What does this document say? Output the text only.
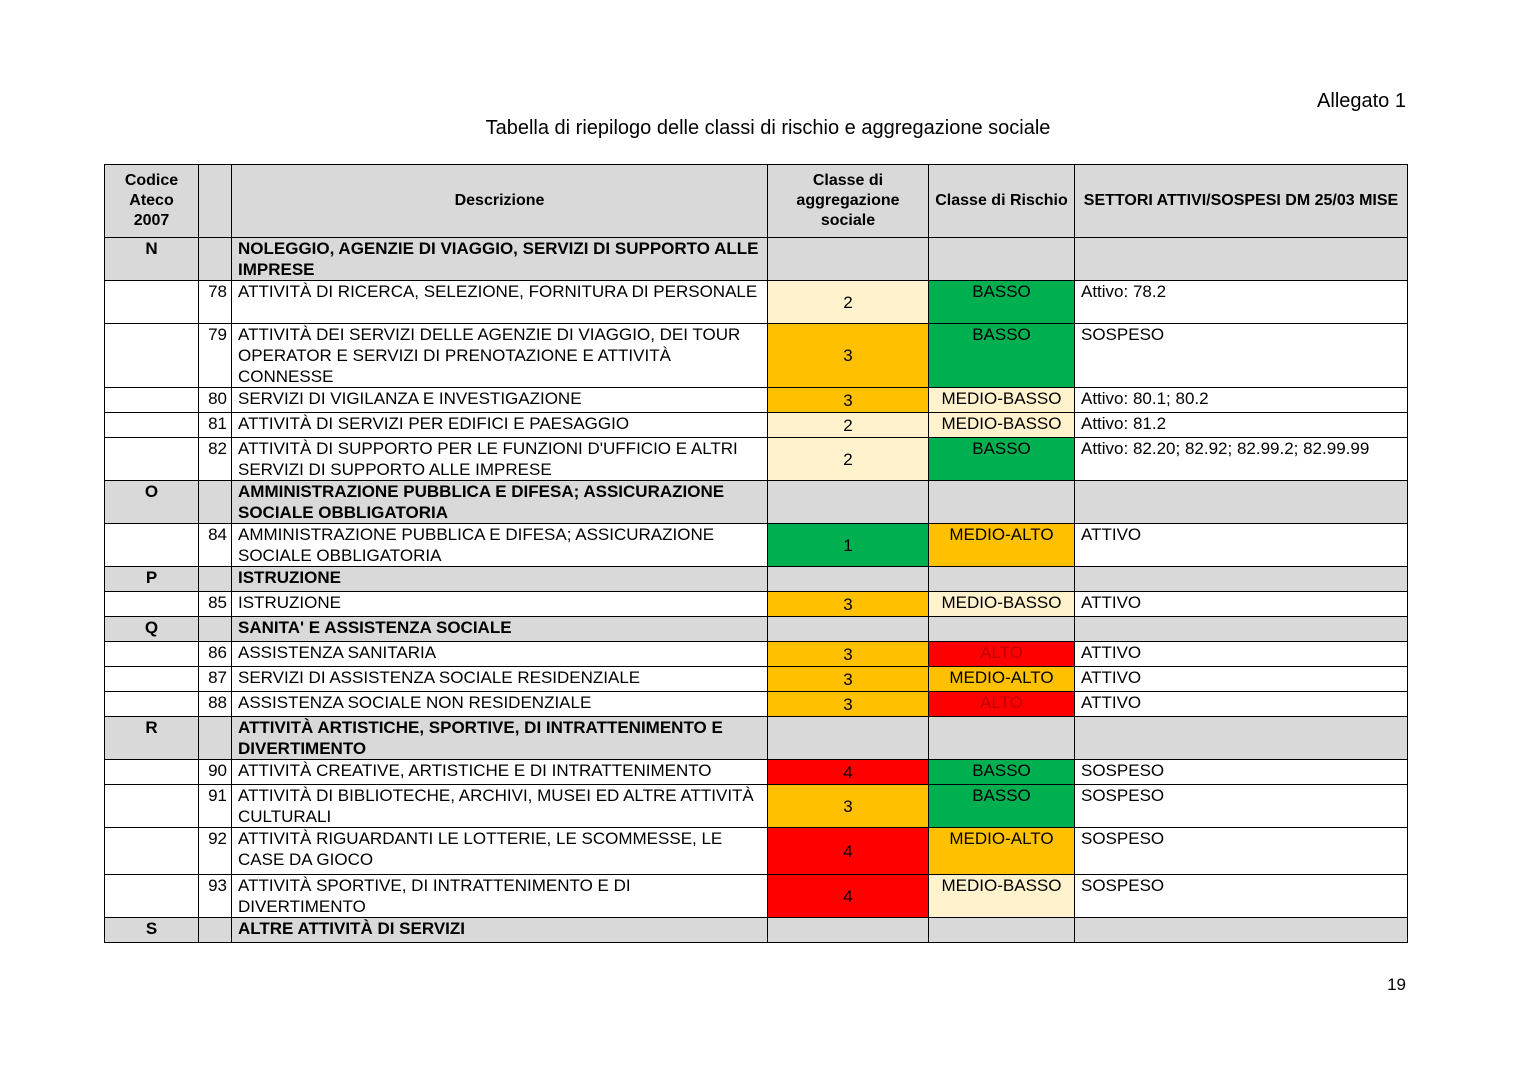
Allegato 1
Tabella di riepilogo delle classi di rischio e aggregazione sociale
Codice Ateco 2007		Descrizione	Classe di aggregazione sociale	Classe di Rischio	SETTORI ATTIVI/SOSPESI DM 25/03 MISE
N		NOLEGGIO, AGENZIE DI VIAGGIO, SERVIZI DI SUPPORTO ALLE IMPRESE			
	78	ATTIVITÀ DI RICERCA, SELEZIONE, FORNITURA DI PERSONALE	2	BASSO	Attivo: 78.2
	79	ATTIVITÀ DEI SERVIZI DELLE AGENZIE DI VIAGGIO, DEI TOUR OPERATOR E SERVIZI DI PRENOTAZIONE E ATTIVITÀ CONNESSE	3	BASSO	SOSPESO
	80	SERVIZI DI VIGILANZA E INVESTIGAZIONE	3	MEDIO-BASSO	Attivo: 80.1; 80.2
	81	ATTIVITÀ DI SERVIZI PER EDIFICI E PAESAGGIO	2	MEDIO-BASSO	Attivo: 81.2
	82	ATTIVITÀ DI SUPPORTO PER LE FUNZIONI D'UFFICIO E ALTRI SERVIZI DI SUPPORTO ALLE IMPRESE	2	BASSO	Attivo: 82.20; 82.92; 82.99.2; 82.99.99
O		AMMINISTRAZIONE PUBBLICA E DIFESA; ASSICURAZIONE SOCIALE OBBLIGATORIA			
	84	AMMINISTRAZIONE PUBBLICA E DIFESA; ASSICURAZIONE SOCIALE OBBLIGATORIA	1	MEDIO-ALTO	ATTIVO
P		ISTRUZIONE			
	85	ISTRUZIONE	3	MEDIO-BASSO	ATTIVO
Q		SANITA' E ASSISTENZA SOCIALE			
	86	ASSISTENZA SANITARIA	3	ALTO	ATTIVO
	87	SERVIZI DI ASSISTENZA SOCIALE RESIDENZIALE	3	MEDIO-ALTO	ATTIVO
	88	ASSISTENZA SOCIALE NON RESIDENZIALE	3	ALTO	ATTIVO
R		ATTIVITÀ ARTISTICHE, SPORTIVE, DI INTRATTENIMENTO E DIVERTIMENTO			
	90	ATTIVITÀ CREATIVE, ARTISTICHE E DI INTRATTENIMENTO	4	BASSO	SOSPESO
	91	ATTIVITÀ DI BIBLIOTECHE, ARCHIVI, MUSEI ED ALTRE ATTIVITÀ CULTURALI	3	BASSO	SOSPESO
	92	ATTIVITÀ RIGUARDANTI LE LOTTERIE, LE SCOMMESSE, LE CASE DA GIOCO	4	MEDIO-ALTO	SOSPESO
	93	ATTIVITÀ SPORTIVE, DI INTRATTENIMENTO E DI DIVERTIMENTO	4	MEDIO-BASSO	SOSPESO
S		ALTRE ATTIVITÀ DI SERVIZI			
19
